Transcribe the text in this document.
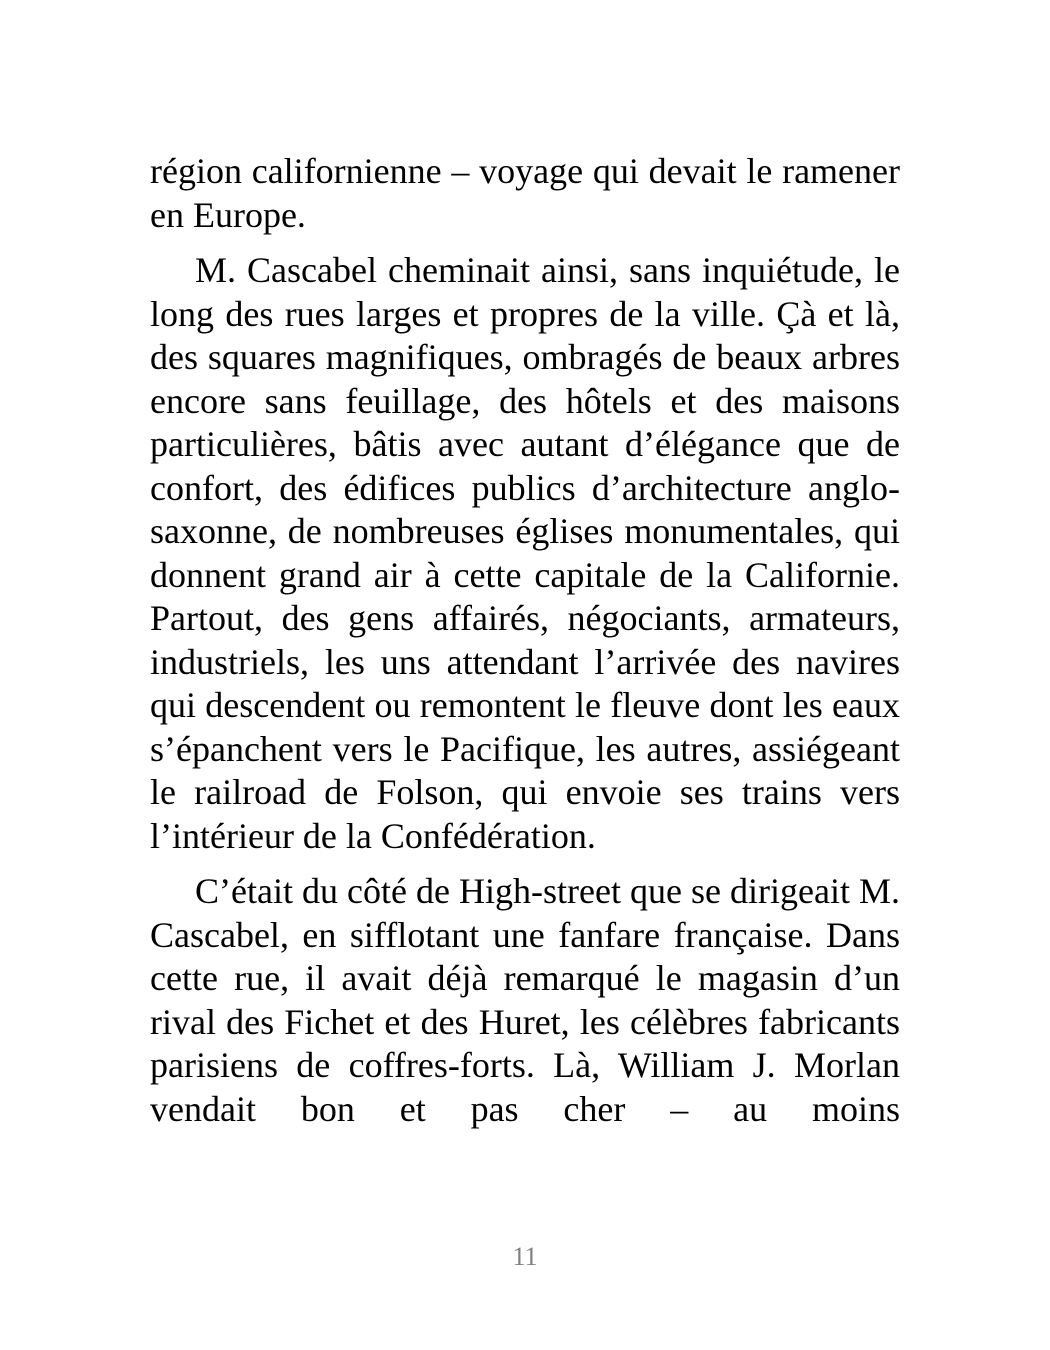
région californienne – voyage qui devait le ramener en Europe.

M. Cascabel cheminait ainsi, sans inquiétude, le long des rues larges et propres de la ville. Çà et là, des squares magnifiques, ombragés de beaux arbres encore sans feuillage, des hôtels et des maisons particulières, bâtis avec autant d’élégance que de confort, des édifices publics d’architecture anglo-saxonne, de nombreuses églises monumentales, qui donnent grand air à cette capitale de la Californie. Partout, des gens affairés, négociants, armateurs, industriels, les uns attendant l’arrivée des navires qui descendent ou remontent le fleuve dont les eaux s’épanchent vers le Pacifique, les autres, assiégeant le railroad de Folson, qui envoie ses trains vers l’intérieur de la Confédération.

C’était du côté de High-street que se dirigeait M. Cascabel, en sifflotant une fanfare française. Dans cette rue, il avait déjà remarqué le magasin d’un rival des Fichet et des Huret, les célèbres fabricants parisiens de coffres-forts. Là, William J. Morlan vendait bon et pas cher – au moins

11
